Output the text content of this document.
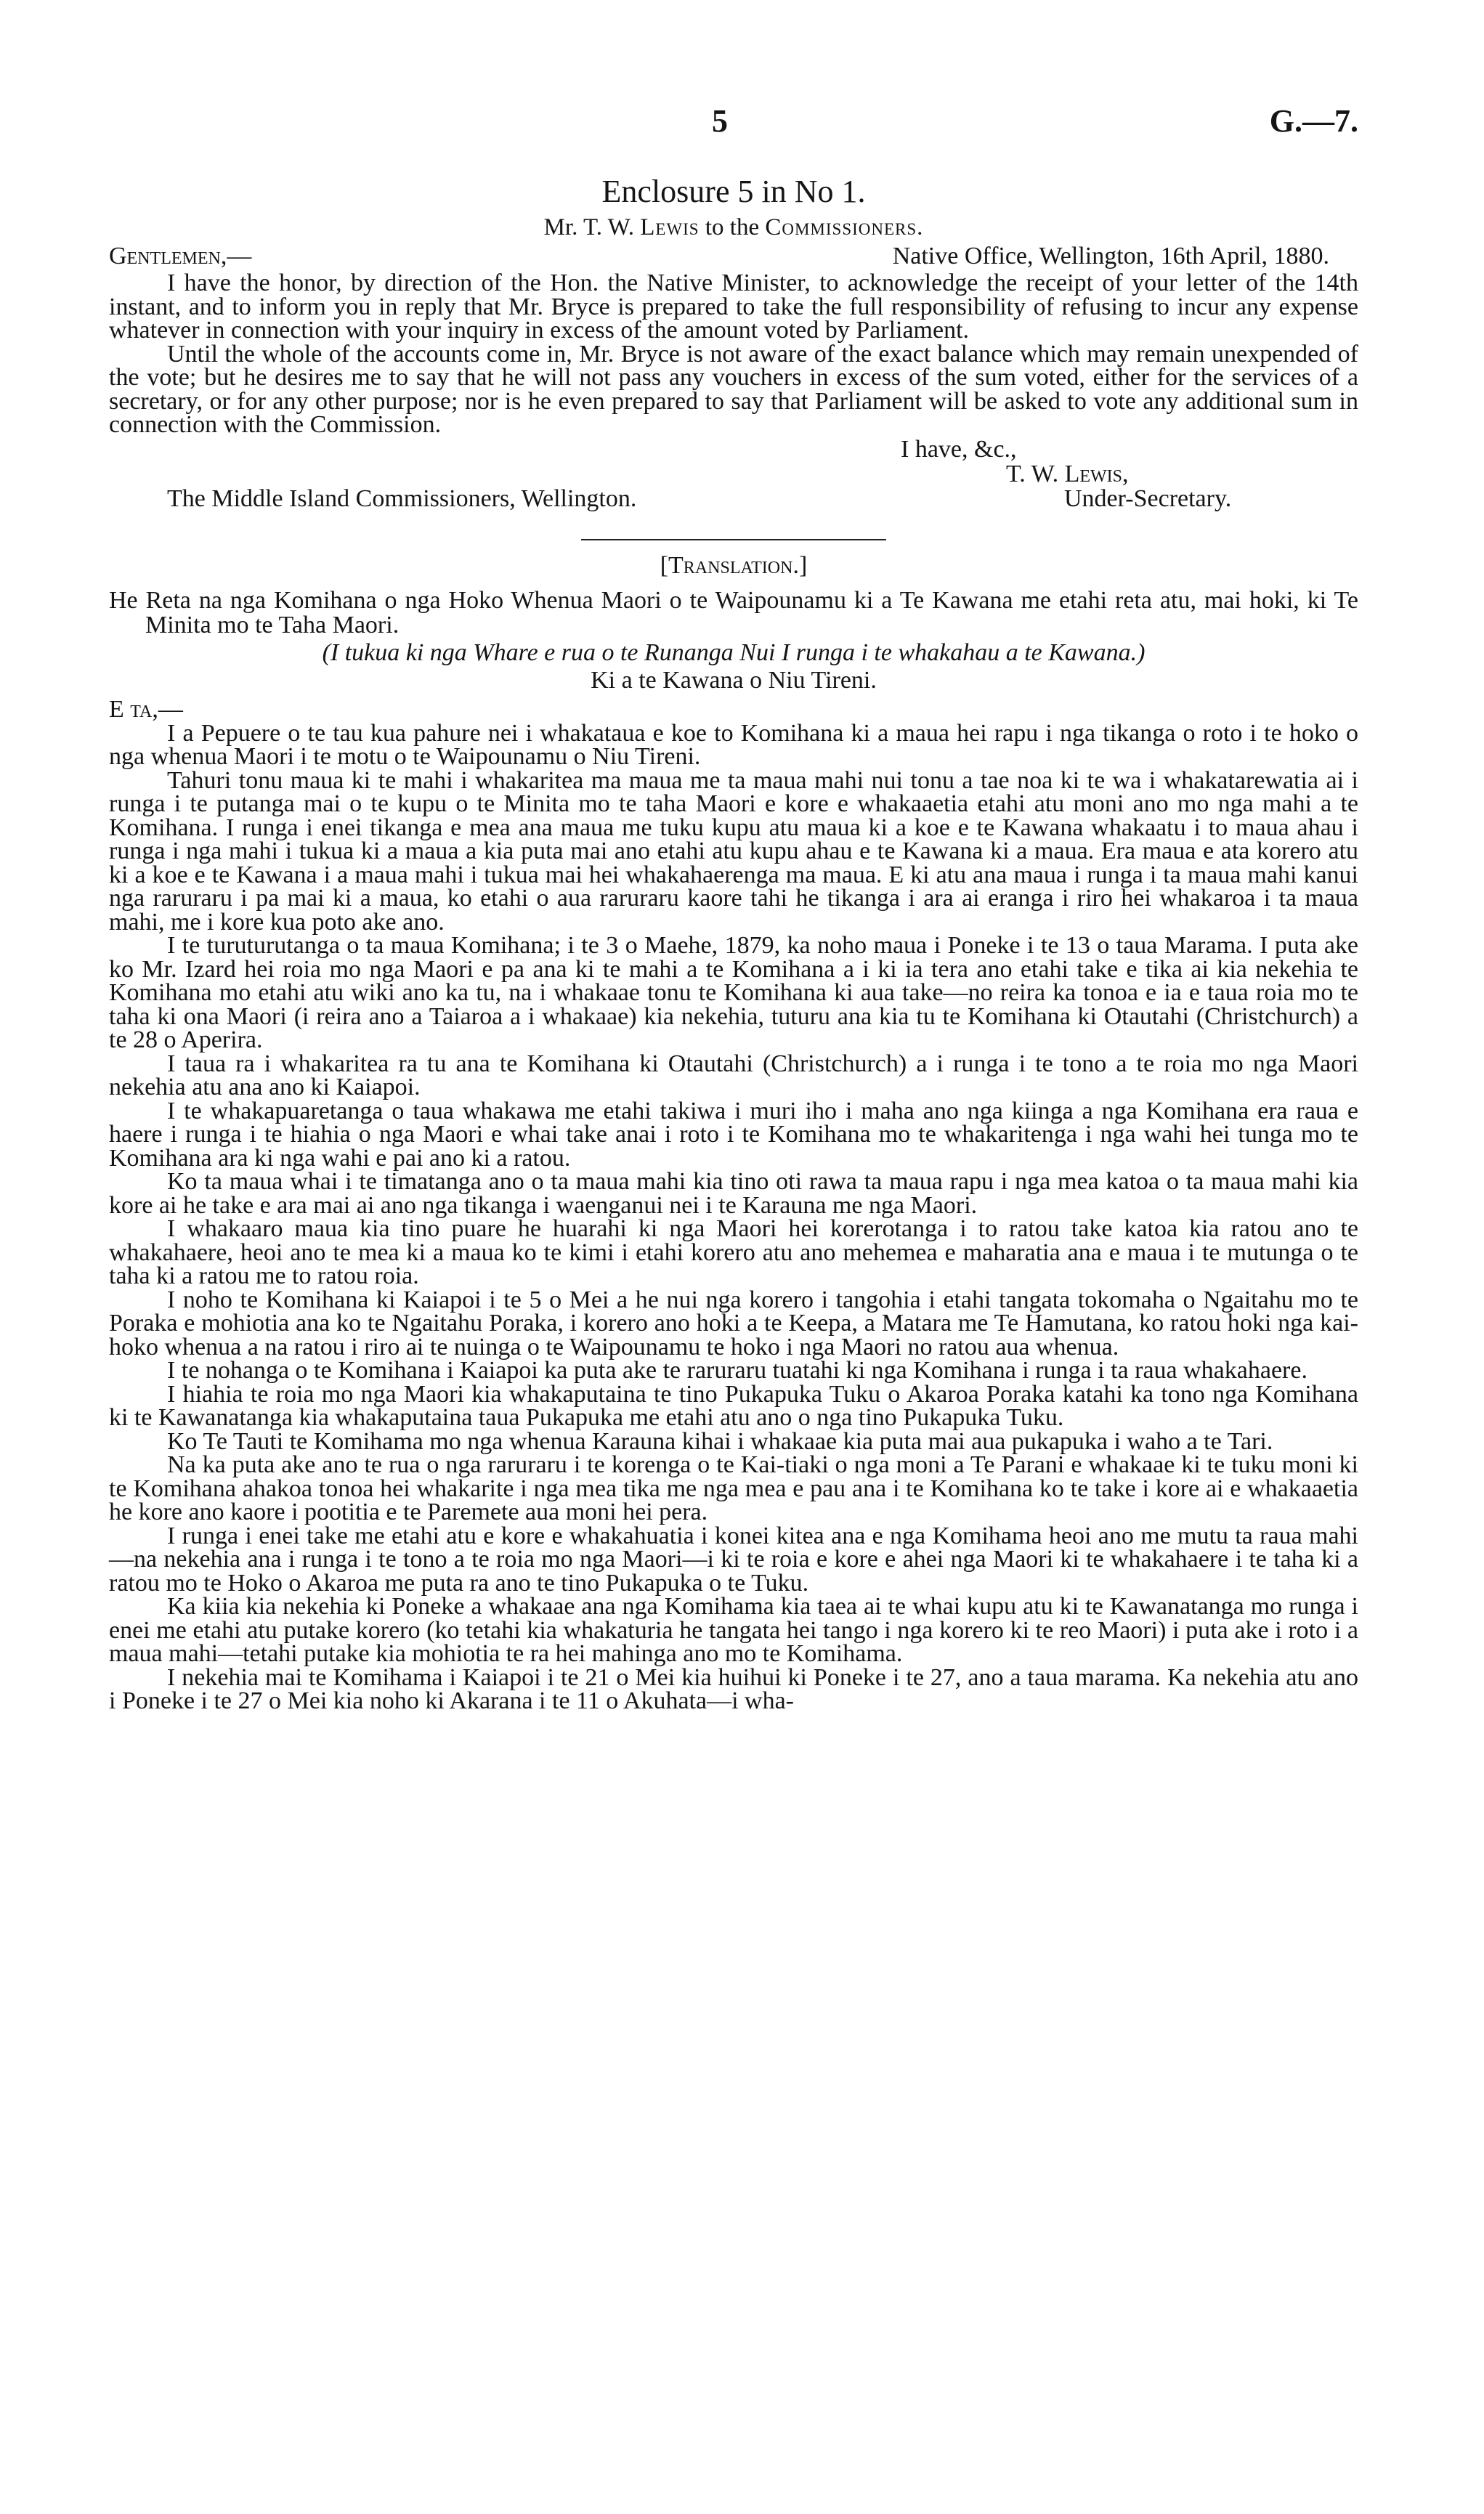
5	G.—7.
Enclosure 5 in No 1.
Mr. T. W. Lewis to the Commissioners.
Gentlemen,—	Native Office, Wellington, 16th April, 1880.

I have the honor, by direction of the Hon. the Native Minister, to acknowledge the receipt of your letter of the 14th instant, and to inform you in reply that Mr. Bryce is prepared to take the full responsibility of refusing to incur any expense whatever in connection with your inquiry in excess of the amount voted by Parliament.

Until the whole of the accounts come in, Mr. Bryce is not aware of the exact balance which may remain unexpended of the vote; but he desires me to say that he will not pass any vouchers in excess of the sum voted, either for the services of a secretary, or for any other purpose; nor is he even prepared to say that Parliament will be asked to vote any additional sum in connection with the Commission.

I have, &c.,
T. W. Lewis,
The Middle Island Commissioners, Wellington.	Under-Secretary.
[Translation.]

He Reta na nga Komihana o nga Hoko Whenua Maori o te Waipounamu ki a Te Kawana me etahi reta atu, mai hoki, ki Te Minita mo te Taha Maori.

(I tukua ki nga Whare e rua o te Runanga Nui I runga i te whakahau a te Kawana.)
Ki a te Kawana o Niu Tireni.
E ta,—

I a Pepuere o te tau kua pahure nei i whakataua e koe to Komihana ki a maua hei rapu i nga tikanga o roto i te hoko o nga whenua Maori i te motu o te Waipounamu o Niu Tireni.

Tahuri tonu maua ki te mahi i whakaritea ma maua me ta maua mahi nui tonu a tae noa ki te wa i whakatarewatia ai i runga i te putanga mai o te kupu o te Minita mo te taha Maori e kore e whakaaetia etahi atu moni ano mo nga mahi a te Komihana. I runga i enei tikanga e mea ana maua me tuku kupu atu maua ki a koe e te Kawana whakaatu i to maua ahau i runga i nga mahi i tukua ki a maua a kia puta mai ano etahi atu kupu ahau e te Kawana ki a maua. Era maua e ata korero atu ki a koe e te Kawana i a maua mahi i tukua mai hei whakahaerenga ma maua. E ki atu ana maua i runga i ta maua mahi kanui nga raruraru i pa mai ki a maua, ko etahi o aua raruraru kaore tahi he tikanga i ara ai eranga i riro hei whakaroa i ta maua mahi, me i kore kua poto ake ano.

I te turuturutanga o ta maua Komihana; i te 3 o Maehe, 1879, ka noho maua i Poneke i te 13 o taua Marama. I puta ake ko Mr. Izard hei roia mo nga Maori e pa ana ki te mahi a te Komihana a i ki ia tera ano etahi take e tika ai kia nekehia te Komihana mo etahi atu wiki ano ka tu, na i whakaae tonu te Komihana ki aua take—no reira ka tonoa e ia e taua roia mo te taha ki ona Maori (i reira ano a Taiaroa a i whakaae) kia nekehia, tuturu ana kia tu te Komihana ki Otautahi (Christchurch) a te 28 o Aperira.

I taua ra i whakaritea ra tu ana te Komihana ki Otautahi (Christchurch) a i runga i te tono a te roia mo nga Maori nekehia atu ana ano ki Kaiapoi.

I te whakapuaretanga o taua whakawa me etahi takiwa i muri iho i maha ano nga kiinga a nga Komihana era raua e haere i runga i te hiahia o nga Maori e whai take anai i roto i te Komihana mo te whakaritenga i nga wahi hei tunga mo te Komihana ara ki nga wahi e pai ano ki a ratou.

Ko ta maua whai i te timatanga ano o ta maua mahi kia tino oti rawa ta maua rapu i nga mea katoa o ta maua mahi kia kore ai he take e ara mai ai ano nga tikanga i waenganui nei i te Karauna me nga Maori.

I whakaaro maua kia tino puare he huarahi ki nga Maori hei korerotanga i to ratou take katoa kia ratou ano te whakahaere, heoi ano te mea ki a maua ko te kimi i etahi korero atu ano mehemea e maharatia ana e maua i te mutunga o te taha ki a ratou me to ratou roia.

I noho te Komihana ki Kaiapoi i te 5 o Mei a he nui nga korero i tangohia i etahi tangata tokomaha o Ngaitahu mo te Poraka e mohiotia ana ko te Ngaitahu Poraka, i korero ano hoki a te Keepa, a Matara me Te Hamutana, ko ratou hoki nga kai-hoko whenua a na ratou i riro ai te nuinga o te Waipounamu te hoko i nga Maori no ratou aua whenua.

I te nohanga o te Komihana i Kaiapoi ka puta ake te raruraru tuatahi ki nga Komihana i runga i ta raua whakahaere.

I hiahia te roia mo nga Maori kia whakaputaina te tino Pukapuka Tuku o Akaroa Poraka katahi ka tono nga Komihana ki te Kawanatanga kia whakaputaina taua Pukapuka me etahi atu ano o nga tino Pukapuka Tuku.

Ko Te Tauti te Komihama mo nga whenua Karauna kihai i whakaae kia puta mai aua pukapuka i waho a te Tari.

Na ka puta ake ano te rua o nga raruraru i te korenga o te Kai-tiaki o nga moni a Te Parani e whakaae ki te tuku moni ki te Komihana ahakoa tonoa hei whakarite i nga mea tika me nga mea e pau ana i te Komihana ko te take i kore ai e whakaaetia he kore ano kaore i pootitia e te Paremete aua moni hei pera.

I runga i enei take me etahi atu e kore e whakahuatia i konei kitea ana e nga Komihama heoi ano me mutu ta raua mahi—na nekehia ana i runga i te tono a te roia mo nga Maori—i ki te roia e kore e ahei nga Maori ki te whakahaere i te taha ki a ratou mo te Hoko o Akaroa me puta ra ano te tino Pukapuka o te Tuku.

Ka kiia kia nekehia ki Poneke a whakaae ana nga Komihama kia taea ai te whai kupu atu ki te Kawanatanga mo runga i enei me etahi atu putake korero (ko tetahi kia whakaturia he tangata hei tango i nga korero ki te reo Maori) i puta ake i roto i a maua mahi—tetahi putake kia mohiotia te ra hei mahinga ano mo te Komihama.

I nekehia mai te Komihama i Kaiapoi i te 21 o Mei kia huihui ki Poneke i te 27, ano a taua marama. Ka nekehia atu ano i Poneke i te 27 o Mei kia noho ki Akarana i te 11 o Akuhata—i wha-
